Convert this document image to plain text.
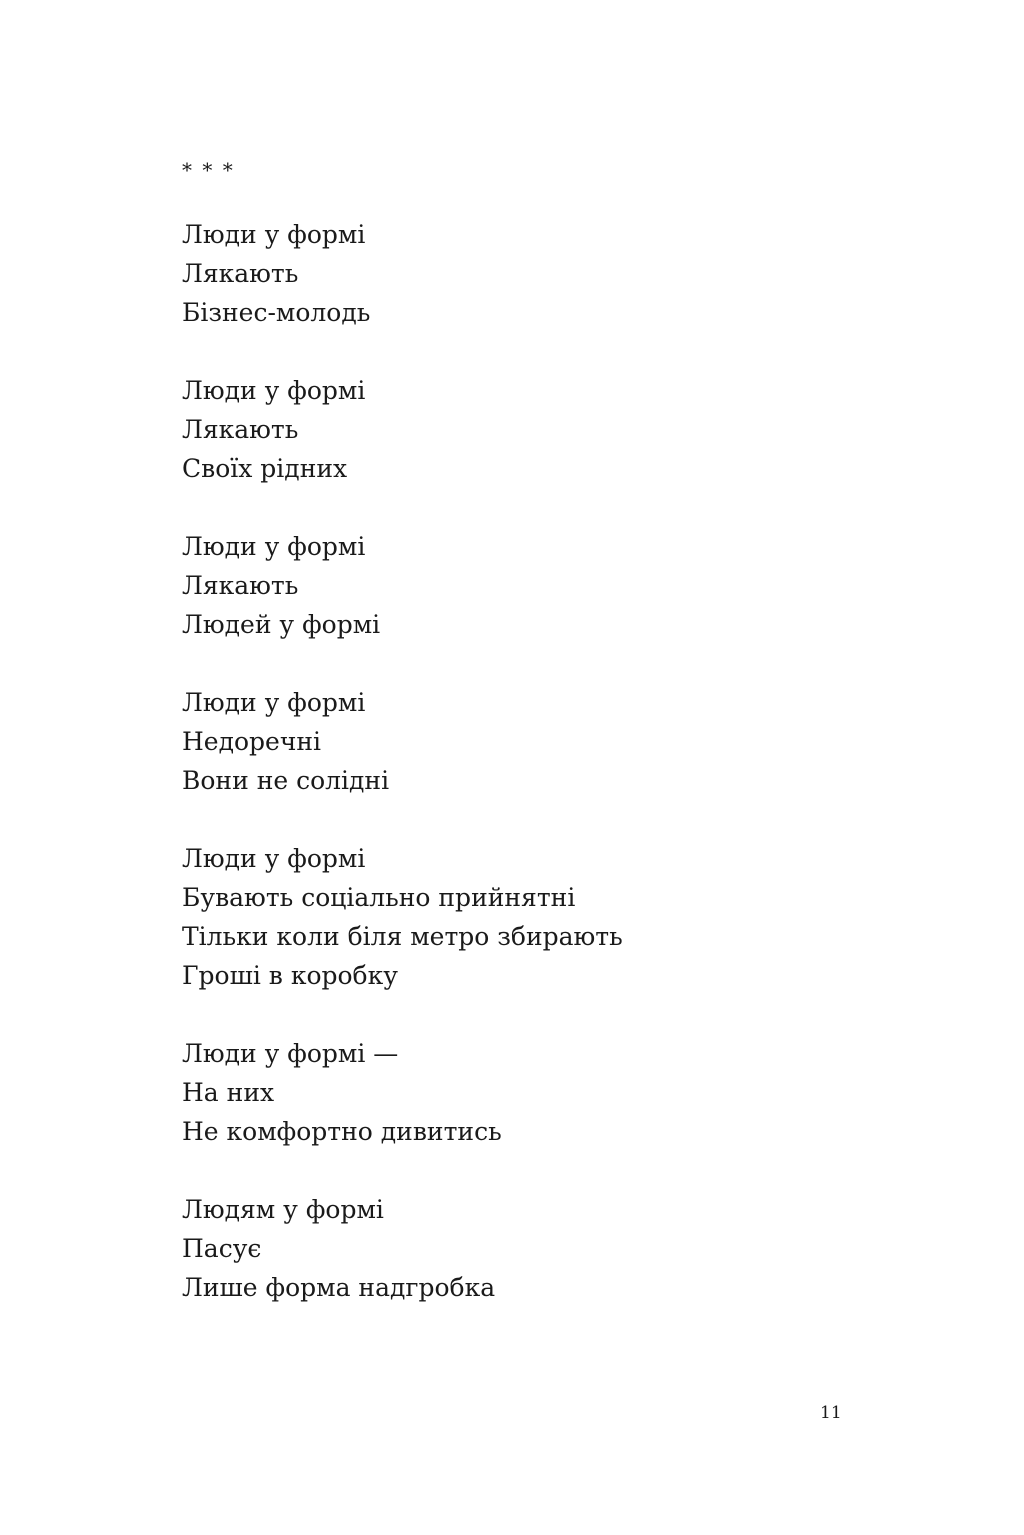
* * *
Люди у формі
Лякають
Бізнес-молодь
Люди у формі
Лякають
Своїх рідних
Люди у формі
Лякають
Людей у формі
Люди у формі
Недоречні
Вони не солідні
Люди у формі
Бувають соціально прийнятні
Тільки коли біля метро збирають
Гроші в коробку
Люди у формі —
На них
Не комфортно дивитись
Людям у формі
Пасує
Лише форма надгробка
11
